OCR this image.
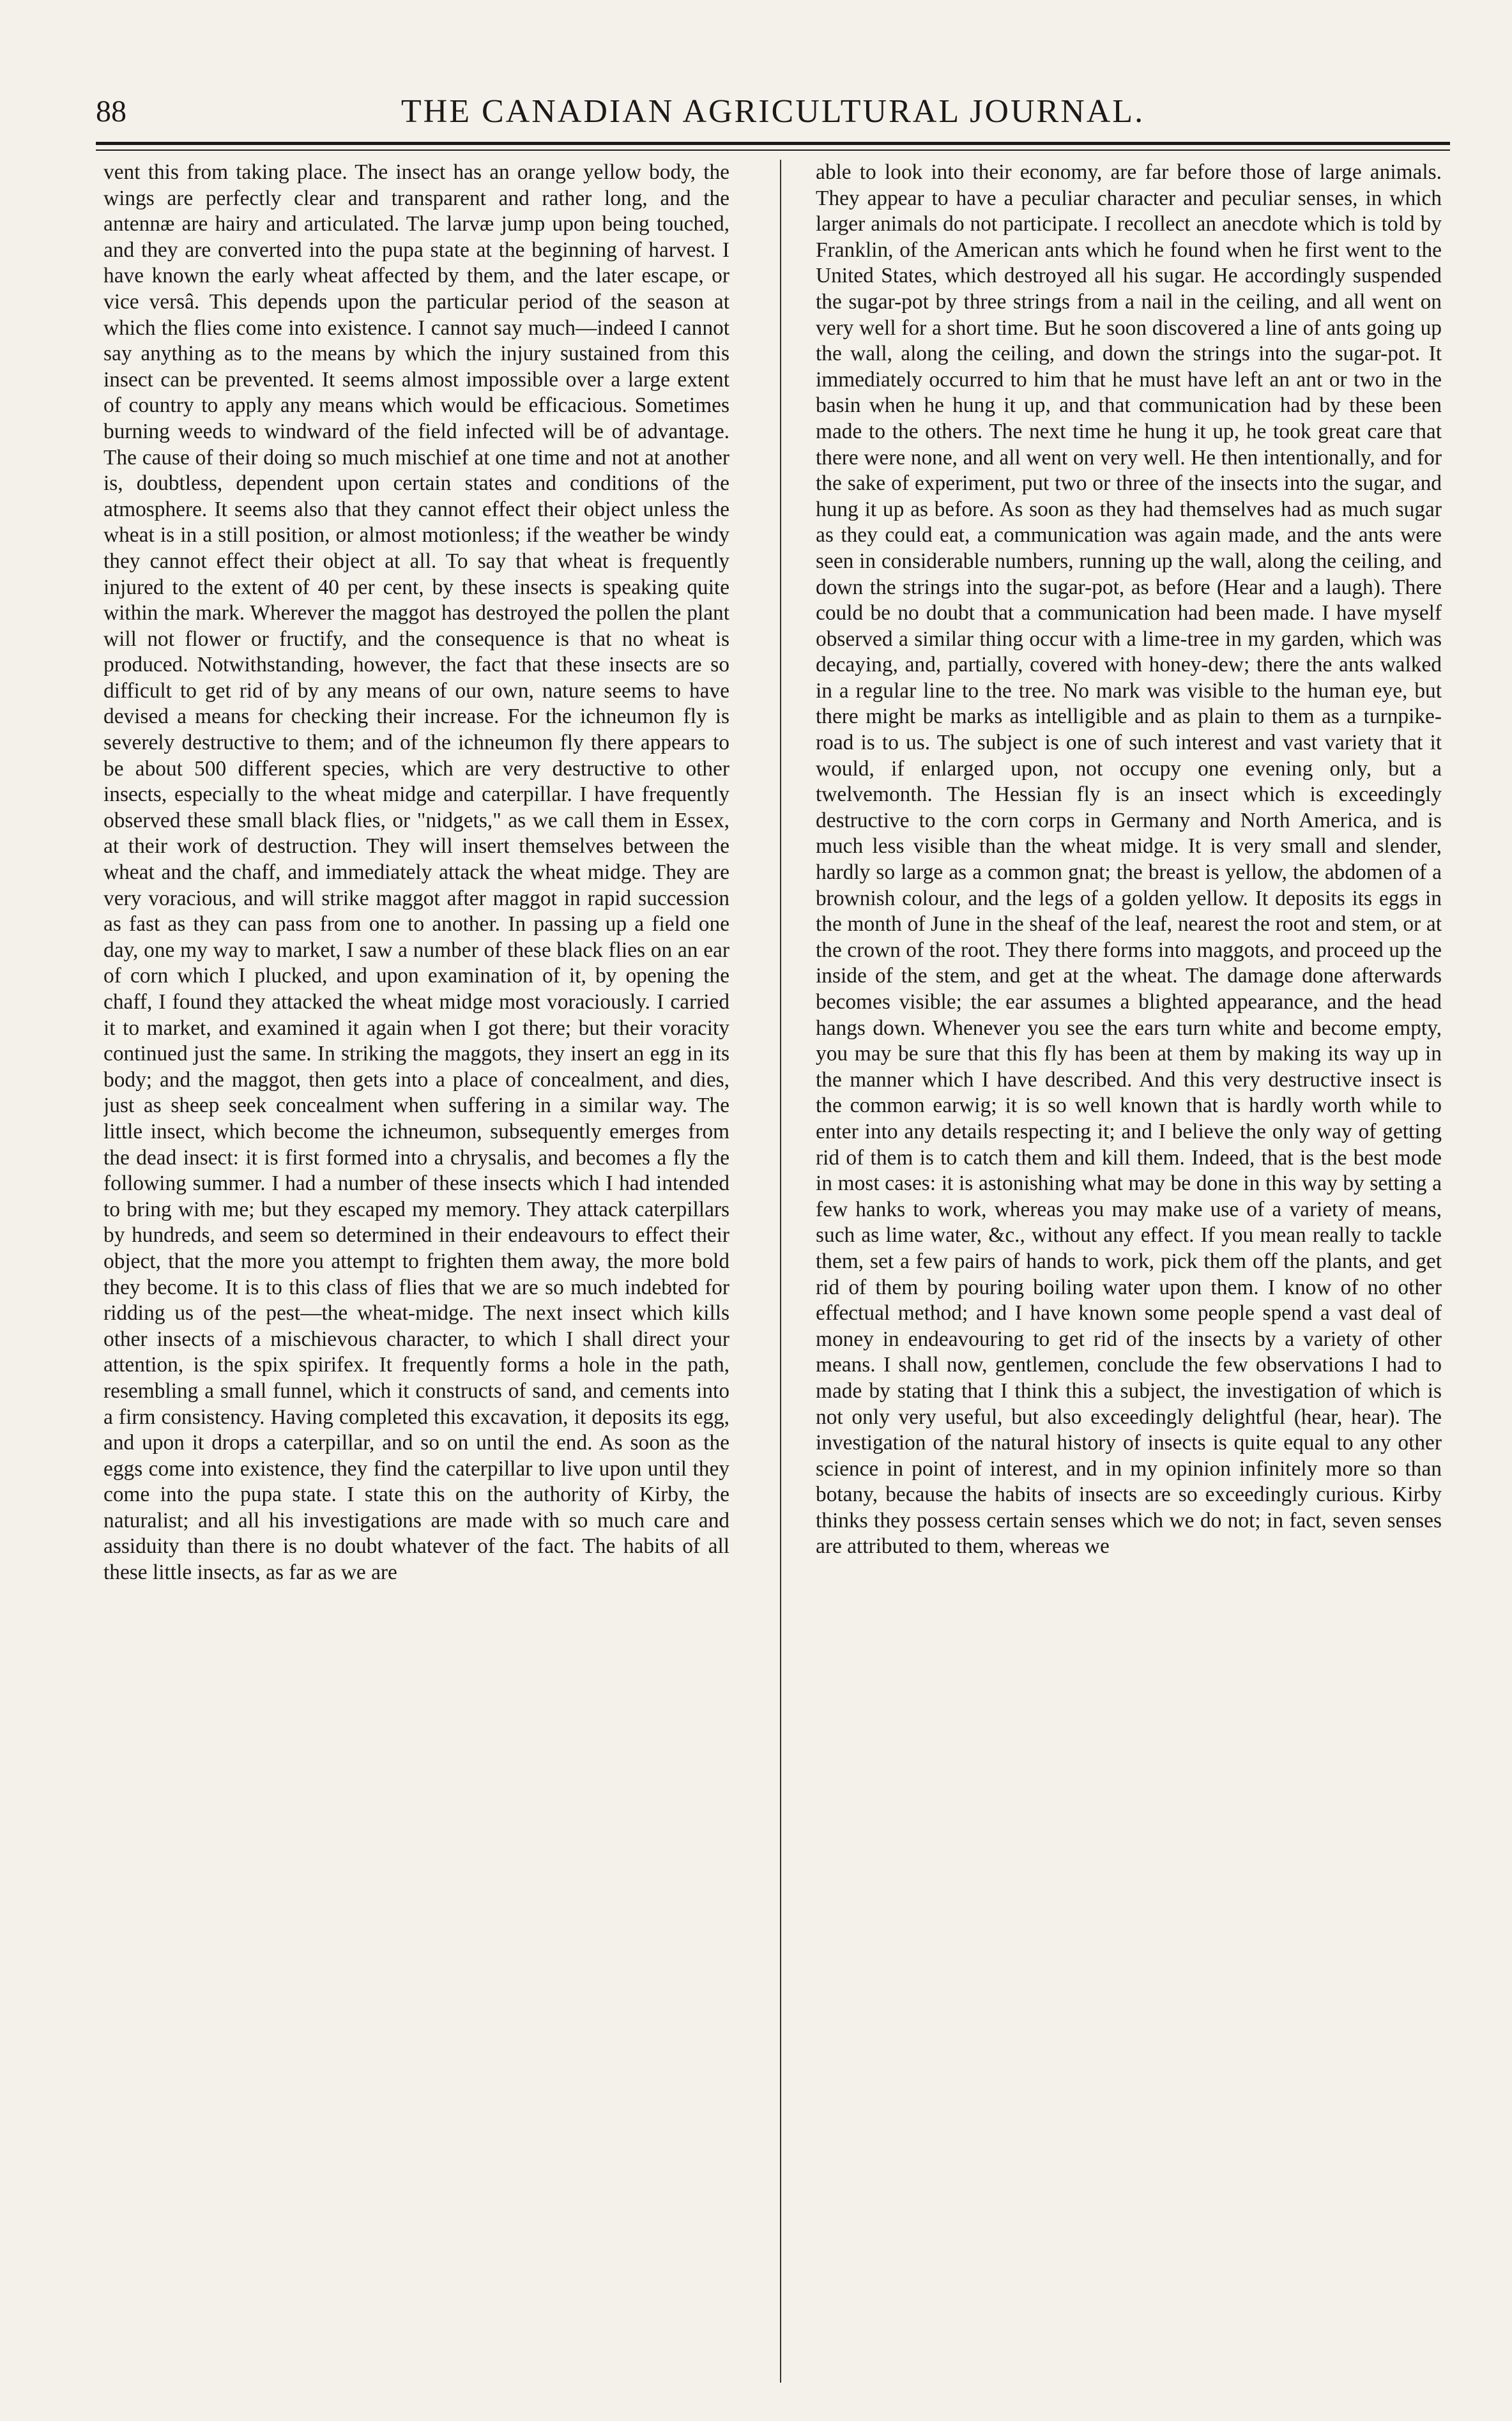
88	THE CANADIAN AGRICULTURAL JOURNAL.

vent this from taking place. The insect has an orange yellow body, the wings are perfectly clear and transparent and rather long, and the antennæ are hairy and articulated. The larvæ jump upon being touched, and they are converted into the pupa state at the beginning of harvest. I have known the early wheat affected by them, and the later escape, or vice versâ. This depends upon the particular period of the season at which the flies come into existence. I cannot say much—indeed I cannot say anything as to the means by which the injury sustained from this insect can be prevented. It seems almost impossible over a large extent of country to apply any means which would be efficacious. Sometimes burning weeds to windward of the field infected will be of advantage. The cause of their doing so much mischief at one time and not at another is, doubtless, dependent upon certain states and conditions of the atmosphere. It seems also that they cannot effect their object unless the wheat is in a still position, or almost motionless; if the weather be windy they cannot effect their object at all. To say that wheat is frequently injured to the extent of 40 per cent, by these insects is speaking quite within the mark. Wherever the maggot has destroyed the pollen the plant will not flower or fructify, and the consequence is that no wheat is produced. Notwithstanding, however, the fact that these insects are so difficult to get rid of by any means of our own, nature seems to have devised a means for checking their increase. For the ichneumon fly is severely destructive to them; and of the ichneumon fly there appears to be about 500 different species, which are very destructive to other insects, especially to the wheat midge and caterpillar. I have frequently observed these small black flies, or "nidgets," as we call them in Essex, at their work of destruction. They will insert themselves between the wheat and the chaff, and immediately attack the wheat midge. They are very voracious, and will strike maggot after maggot in rapid succession as fast as they can pass from one to another. In passing up a field one day, one my way to market, I saw a number of these black flies on an ear of corn which I plucked, and upon examination of it, by opening the chaff, I found they attacked the wheat midge most voraciously. I carried it to market, and examined it again when I got there; but their voracity continued just the same. In striking the maggots, they insert an egg in its body; and the maggot, then gets into a place of concealment, and dies, just as sheep seek concealment when suffering in a similar way. The little insect, which become the ichneumon, subsequently emerges from the dead insect: it is first formed into a chrysalis, and becomes a fly the following summer. I had a number of these insects which I had intended to bring with me; but they escaped my memory. They attack caterpillars by hundreds, and seem so determined in their endeavours to effect their object, that the more you attempt to frighten them away, the more bold they become. It is to this class of flies that we are so much indebted for ridding us of the pest—the wheat-midge. The next insect which kills other insects of a mischievous character, to which I shall direct your attention, is the spix spirifex. It frequently forms a hole in the path, resembling a small funnel, which it constructs of sand, and cements into a firm consistency. Having completed this excavation, it deposits its egg, and upon it drops a caterpillar, and so on until the end. As soon as the eggs come into existence, they find the caterpillar to live upon until they come into the pupa state. I state this on the authority of Kirby, the naturalist; and all his investigations are made with so much care and assiduity than there is no doubt whatever of the fact. The habits of all these little insects, as far as we are

able to look into their economy, are far before those of large animals. They appear to have a peculiar character and peculiar senses, in which larger animals do not participate. I recollect an anecdote which is told by Franklin, of the American ants which he found when he first went to the United States, which destroyed all his sugar. He accordingly suspended the sugar-pot by three strings from a nail in the ceiling, and all went on very well for a short time. But he soon discovered a line of ants going up the wall, along the ceiling, and down the strings into the sugar-pot. It immediately occurred to him that he must have left an ant or two in the basin when he hung it up, and that communication had by these been made to the others. The next time he hung it up, he took great care that there were none, and all went on very well. He then intentionally, and for the sake of experiment, put two or three of the insects into the sugar, and hung it up as before. As soon as they had themselves had as much sugar as they could eat, a communication was again made, and the ants were seen in considerable numbers, running up the wall, along the ceiling, and down the strings into the sugar-pot, as before (Hear and a laugh). There could be no doubt that a communication had been made. I have myself observed a similar thing occur with a lime-tree in my garden, which was decaying, and, partially, covered with honey-dew; there the ants walked in a regular line to the tree. No mark was visible to the human eye, but there might be marks as intelligible and as plain to them as a turnpike-road is to us. The subject is one of such interest and vast variety that it would, if enlarged upon, not occupy one evening only, but a twelvemonth. The Hessian fly is an insect which is exceedingly destructive to the corn corps in Germany and North America, and is much less visible than the wheat midge. It is very small and slender, hardly so large as a common gnat; the breast is yellow, the abdomen of a brownish colour, and the legs of a golden yellow. It deposits its eggs in the month of June in the sheaf of the leaf, nearest the root and stem, or at the crown of the root. They there forms into maggots, and proceed up the inside of the stem, and get at the wheat. The damage done afterwards becomes visible; the ear assumes a blighted appearance, and the head hangs down. Whenever you see the ears turn white and become empty, you may be sure that this fly has been at them by making its way up in the manner which I have described. And this very destructive insect is the common earwig; it is so well known that is hardly worth while to enter into any details respecting it; and I believe the only way of getting rid of them is to catch them and kill them. Indeed, that is the best mode in most cases: it is astonishing what may be done in this way by setting a few hanks to work, whereas you may make use of a variety of means, such as lime water, &c., without any effect. If you mean really to tackle them, set a few pairs of hands to work, pick them off the plants, and get rid of them by pouring boiling water upon them. I know of no other effectual method; and I have known some people spend a vast deal of money in endeavouring to get rid of the insects by a variety of other means. I shall now, gentlemen, conclude the few observations I had to made by stating that I think this a subject, the investigation of which is not only very useful, but also exceedingly delightful (hear, hear). The investigation of the natural history of insects is quite equal to any other science in point of interest, and in my opinion infinitely more so than botany, because the habits of insects are so exceedingly curious. Kirby thinks they possess certain senses which we do not; in fact, seven senses are attributed to them, whereas we
